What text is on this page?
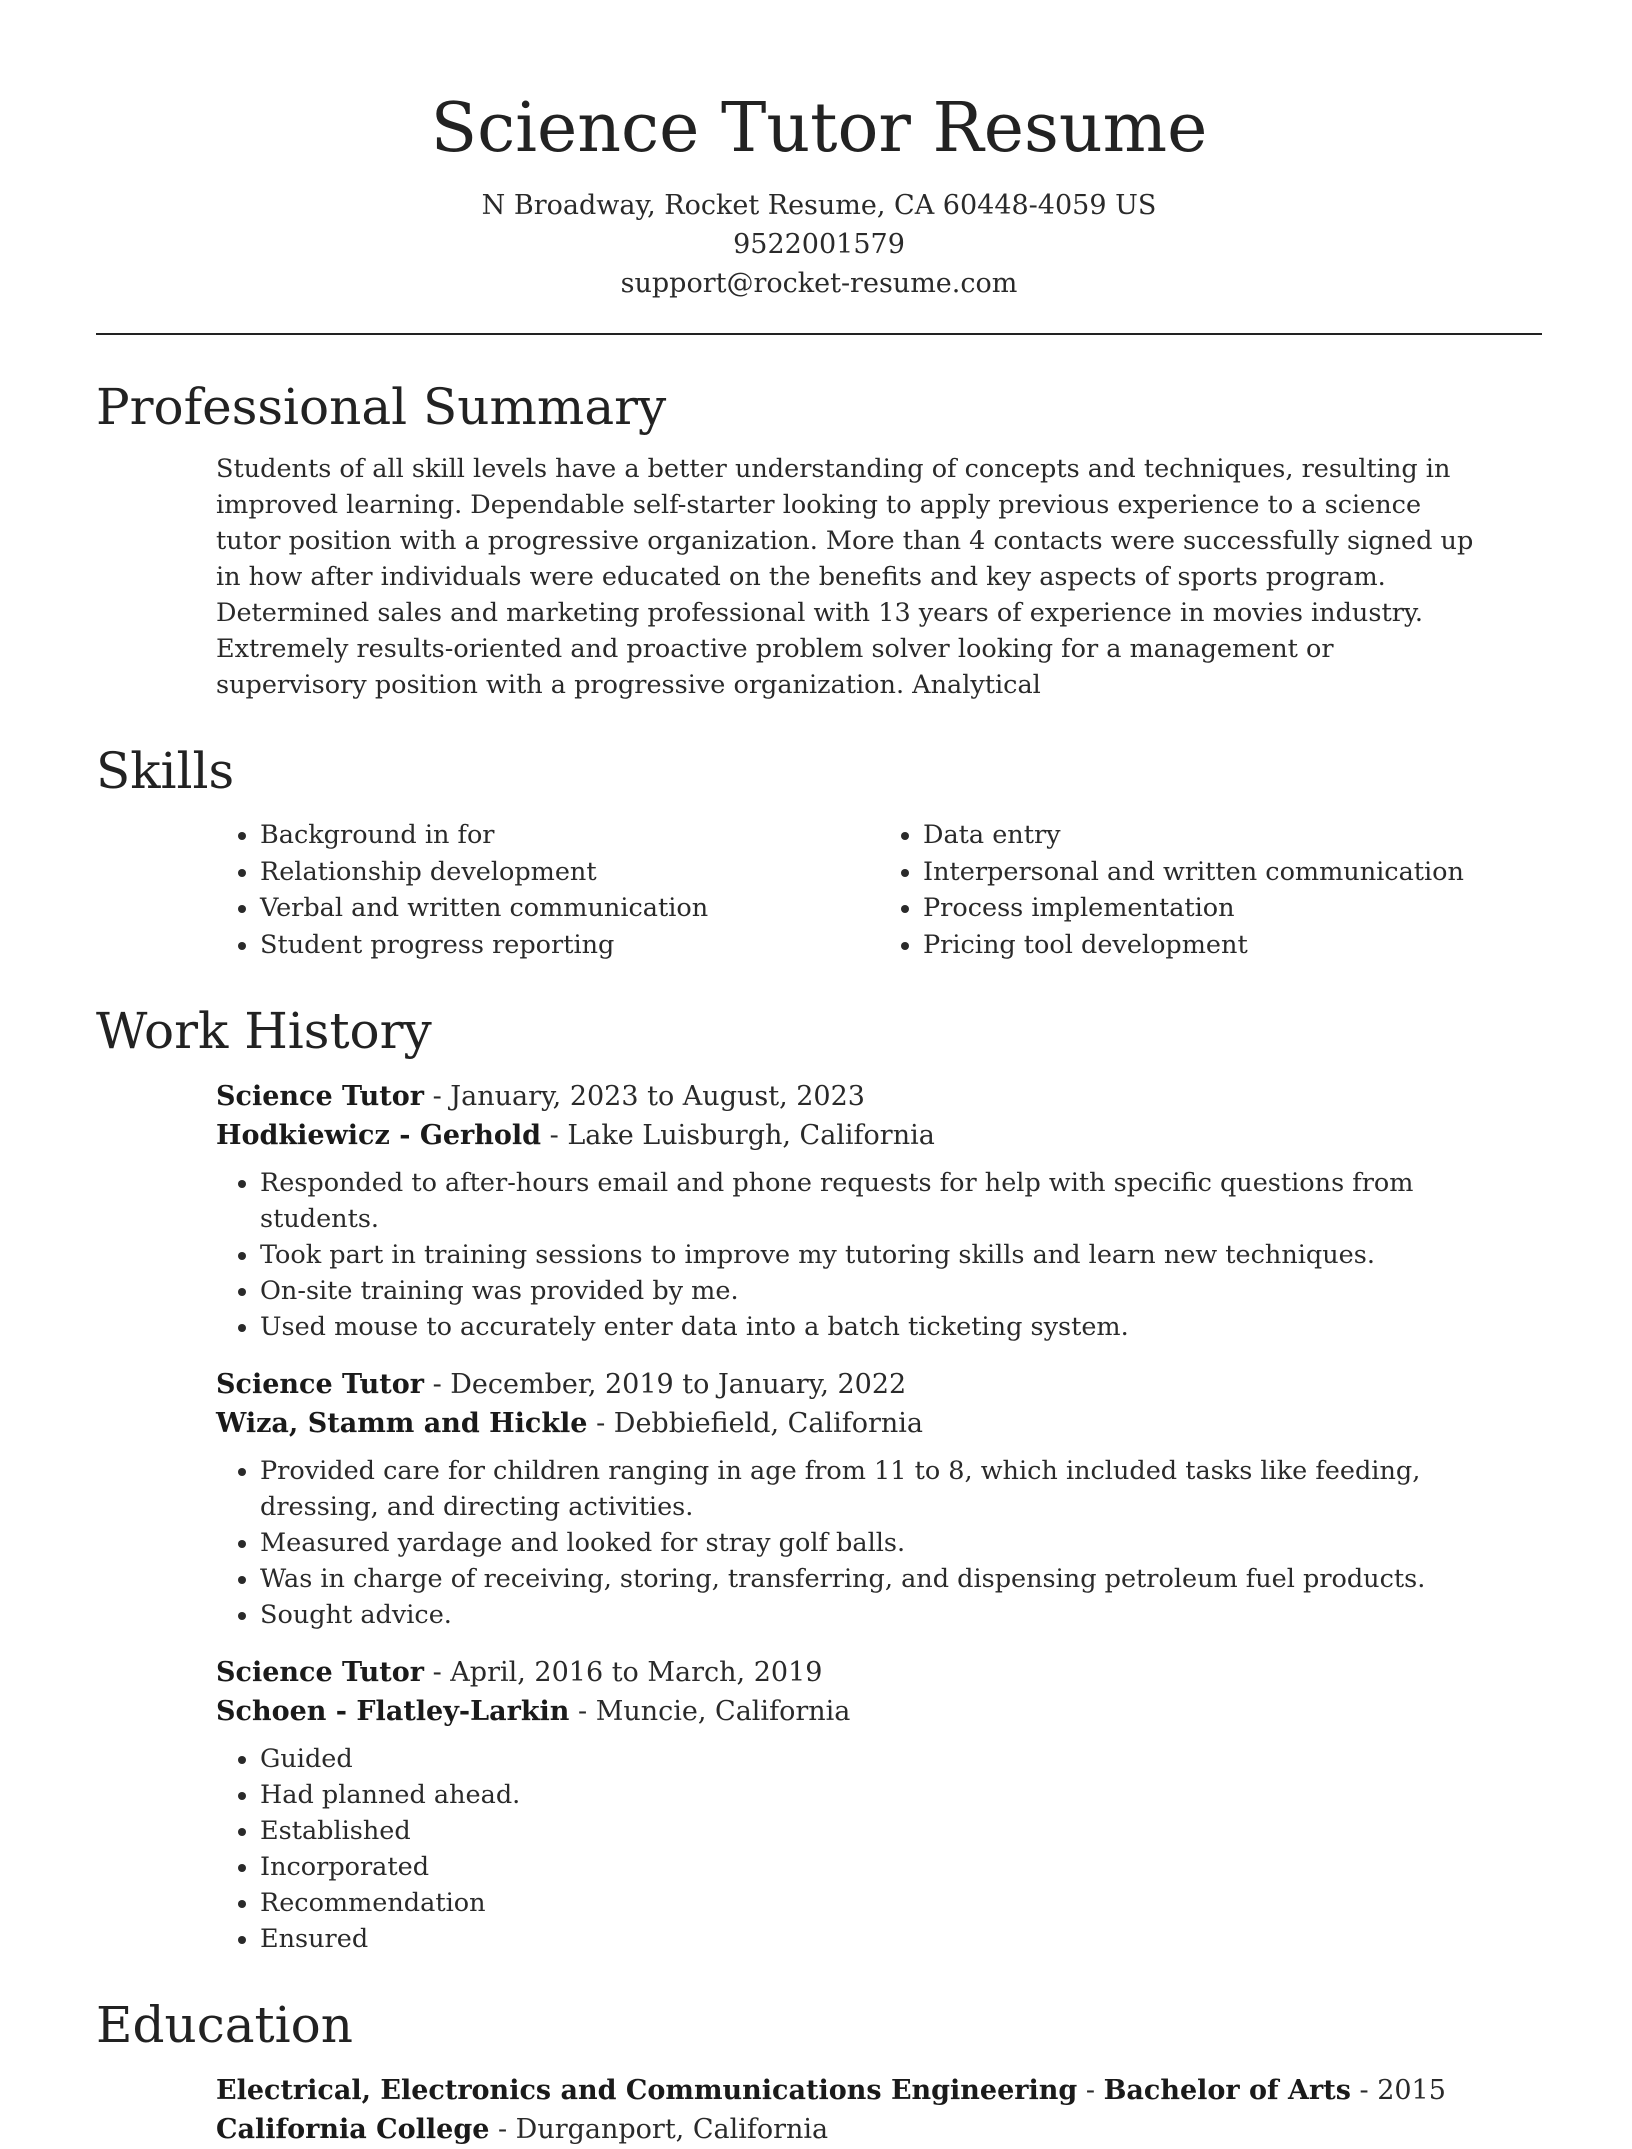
Science Tutor Resume
N Broadway, Rocket Resume, CA 60448-4059 US
9522001579
support@rocket-resume.com
Professional Summary
Students of all skill levels have a better understanding of concepts and techniques, resulting in improved learning. Dependable self-starter looking to apply previous experience to a science tutor position with a progressive organization. More than 4 contacts were successfully signed up in how after individuals were educated on the benefits and key aspects of sports program. Determined sales and marketing professional with 13 years of experience in movies industry. Extremely results-oriented and proactive problem solver looking for a management or supervisory position with a progressive organization. Analytical
Skills
• Background in for
• Relationship development
• Verbal and written communication
• Student progress reporting
• Data entry
• Interpersonal and written communication
• Process implementation
• Pricing tool development
Work History
Science Tutor - January, 2023 to August, 2023
Hodkiewicz - Gerhold - Lake Luisburgh, California
• Responded to after-hours email and phone requests for help with specific questions from students.
• Took part in training sessions to improve my tutoring skills and learn new techniques.
• On-site training was provided by me.
• Used mouse to accurately enter data into a batch ticketing system.
Science Tutor - December, 2019 to January, 2022
Wiza, Stamm and Hickle - Debbiefield, California
• Provided care for children ranging in age from 11 to 8, which included tasks like feeding, dressing, and directing activities.
• Measured yardage and looked for stray golf balls.
• Was in charge of receiving, storing, transferring, and dispensing petroleum fuel products.
• Sought advice.
Science Tutor - April, 2016 to March, 2019
Schoen - Flatley-Larkin - Muncie, California
• Guided
• Had planned ahead.
• Established
• Incorporated
• Recommendation
• Ensured
Education
Electrical, Electronics and Communications Engineering - Bachelor of Arts - 2015
California College - Durganport, California
